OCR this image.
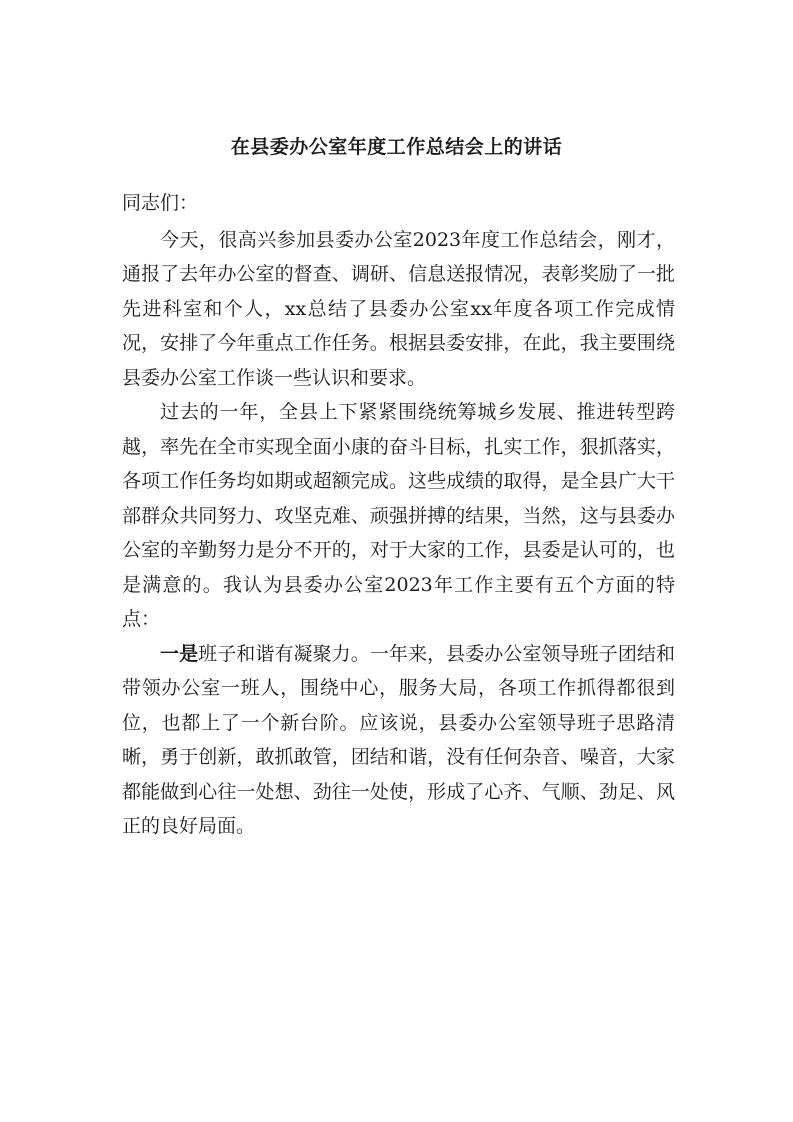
在县委办公室年度工作总结会上的讲话

同志们：

今天，很高兴参加县委办公室2023年度工作总结会，刚才，通报了去年办公室的督查、调研、信息送报情况，表彰奖励了一批先进科室和个人，xx总结了县委办公室xx年度各项工作完成情况，安排了今年重点工作任务。根据县委安排，在此，我主要围绕县委办公室工作谈一些认识和要求。

过去的一年，全县上下紧紧围绕统筹城乡发展、推进转型跨越，率先在全市实现全面小康的奋斗目标，扎实工作，狠抓落实，各项工作任务均如期或超额完成。这些成绩的取得，是全县广大干部群众共同努力、攻坚克难、顽强拼搏的结果，当然，这与县委办公室的辛勤努力是分不开的，对于大家的工作，县委是认可的，也是满意的。我认为县委办公室2023年工作主要有五个方面的特点：

一是班子和谐有凝聚力。一年来，县委办公室领导班子团结和带领办公室一班人，围绕中心，服务大局，各项工作抓得都很到位，也都上了一个新台阶。应该说，县委办公室领导班子思路清晰，勇于创新，敢抓敢管，团结和谐，没有任何杂音、噪音，大家都能做到心往一处想、劲往一处使，形成了心齐、气顺、劲足、风正的良好局面。
